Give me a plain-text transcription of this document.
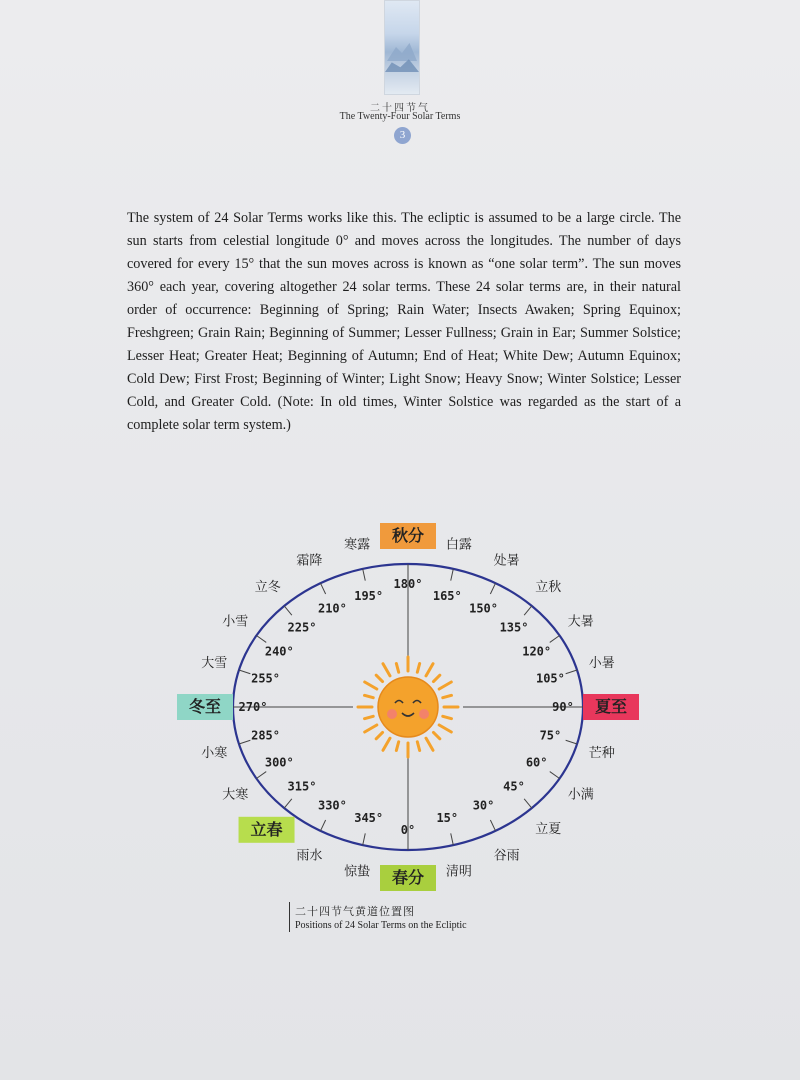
二十四节气
The Twenty-Four Solar Terms
3

The system of 24 Solar Terms works like this. The ecliptic is assumed to be a large circle. The sun starts from celestial longitude 0° and moves across the longitudes. The number of days covered for every 15° that the sun moves across is known as “one solar term”. The sun moves 360° each year, covering altogether 24 solar terms. These 24 solar terms are, in their natural order of occurrence: Beginning of Spring; Rain Water; Insects Awaken; Spring Equinox; Freshgreen; Grain Rain; Beginning of Summer; Lesser Fullness; Grain in Ear; Summer Solstice; Lesser Heat; Greater Heat; Beginning of Autumn; End of Heat; White Dew; Autumn Equinox; Cold Dew; First Frost; Beginning of Winter; Light Snow; Heavy Snow; Winter Solstice; Lesser Cold, and Greater Cold. (Note: In old times, Winter Solstice was regarded as the start of a complete solar term system.)

0°
春分
15°
清明
30°
谷雨
45°
立夏
60°
小满
75°
芒种
90° 夏至
105°
小暑
120°
大暑
135°
立秋
150°
处暑
165°
白露
180°
秋分
195°
寒露
210°
霜降
225°
立冬
240°
小雪
255°
大雪
270°
冬至
285°
小寒
300°
大寒
315°
立春
330°
雨水
345°
惊蛰
二十四节气黄道位置图
Positions of 24 Solar Terms on the Ecliptic
